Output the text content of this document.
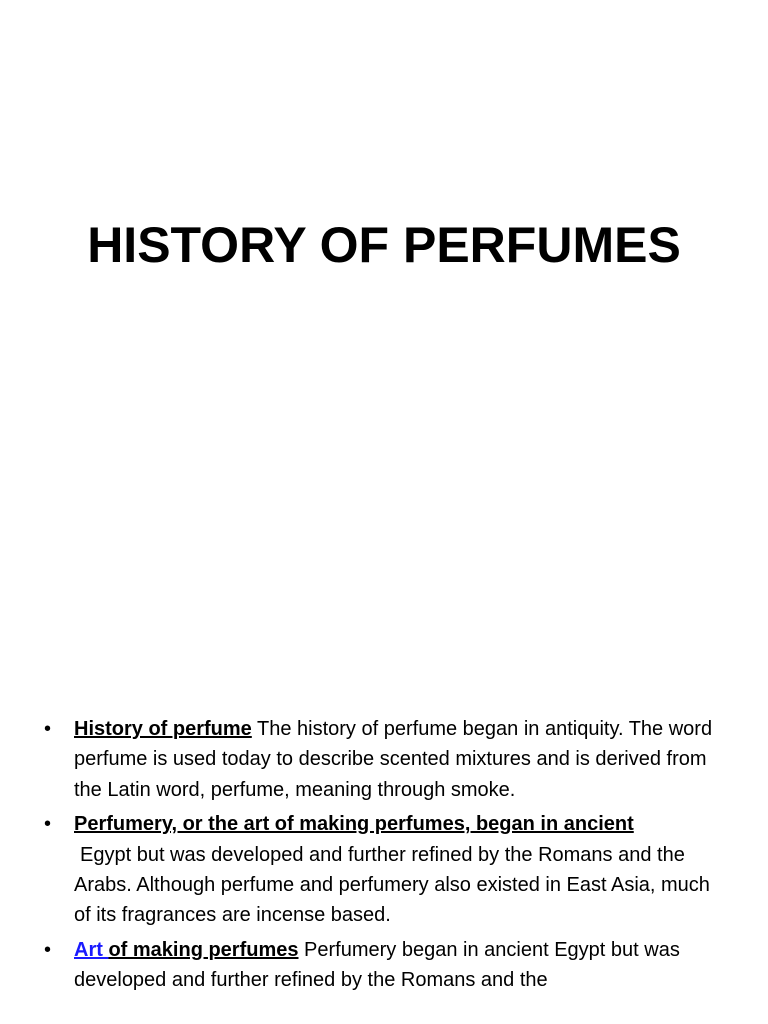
HISTORY OF PERFUMES
• History of perfume The history of perfume began in antiquity. The word perfume is used today to describe scented mixtures and is derived from the Latin word, perfume, meaning through smoke.
• Perfumery, or the art of making perfumes, began in ancient
Egypt but was developed and further refined by the Romans and the Arabs. Although perfume and perfumery also existed in East Asia, much of its fragrances are incense based.
• Art of making perfumes Perfumery began in ancient Egypt but was developed and further refined by the Romans and the
